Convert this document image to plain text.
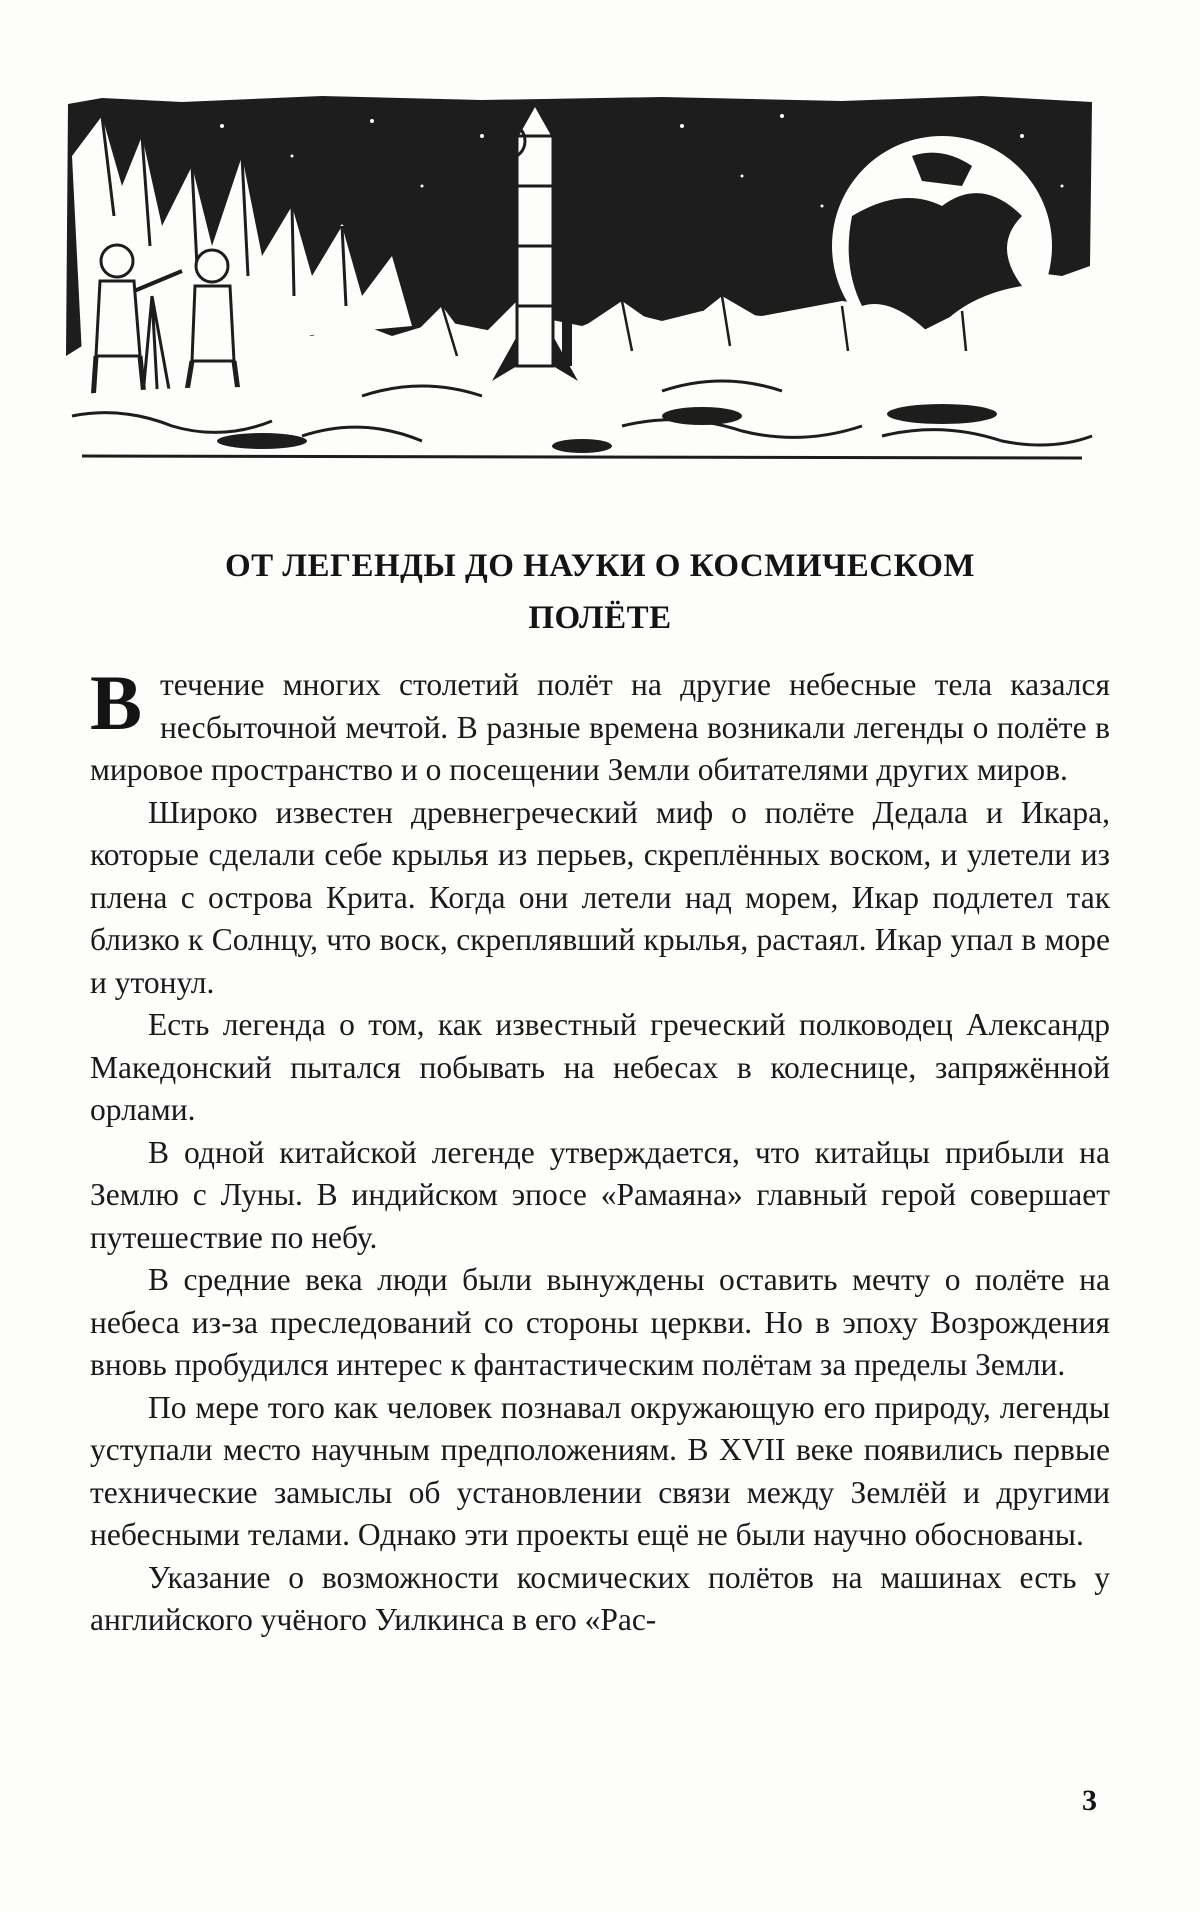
ОТ ЛЕГЕНДЫ ДО НАУКИ О КОСМИЧЕСКОМ
ПОЛЁТЕ

Втечение многих столетий полёт на другие небесные тела казался несбыточной мечтой. В разные времена возникали легенды о полёте в мировое пространство и о посещении Земли обитателями других миров.

Широко известен древнегреческий миф о полёте Дедала и Икара, которые сделали себе крылья из перьев, скреплённых воском, и улетели из плена с острова Крита. Когда они летели над морем, Икар подлетел так близко к Солнцу, что воск, скреплявший крылья, растаял. Икар упал в море и утонул.

Есть легенда о том, как известный греческий полководец Александр Македонский пытался побывать на небесах в колеснице, запряжённой орлами.

В одной китайской легенде утверждается, что китайцы прибыли на Землю с Луны. В индийском эпосе «Рамаяна» главный герой совершает путешествие по небу.

В средние века люди были вынуждены оставить мечту о полёте на небеса из-за преследований со стороны церкви. Но в эпоху Возрождения вновь пробудился интерес к фантастическим полётам за пределы Земли.

По мере того как человек познавал окружающую его природу, легенды уступали место научным предположениям. В XVII веке появились первые технические замыслы об установлении связи между Землёй и другими небесными телами. Однако эти проекты ещё не были научно обоснованы.

Указание о возможности космических полётов на машинах есть у английского учёного Уилкинса в его «Рас-

3
